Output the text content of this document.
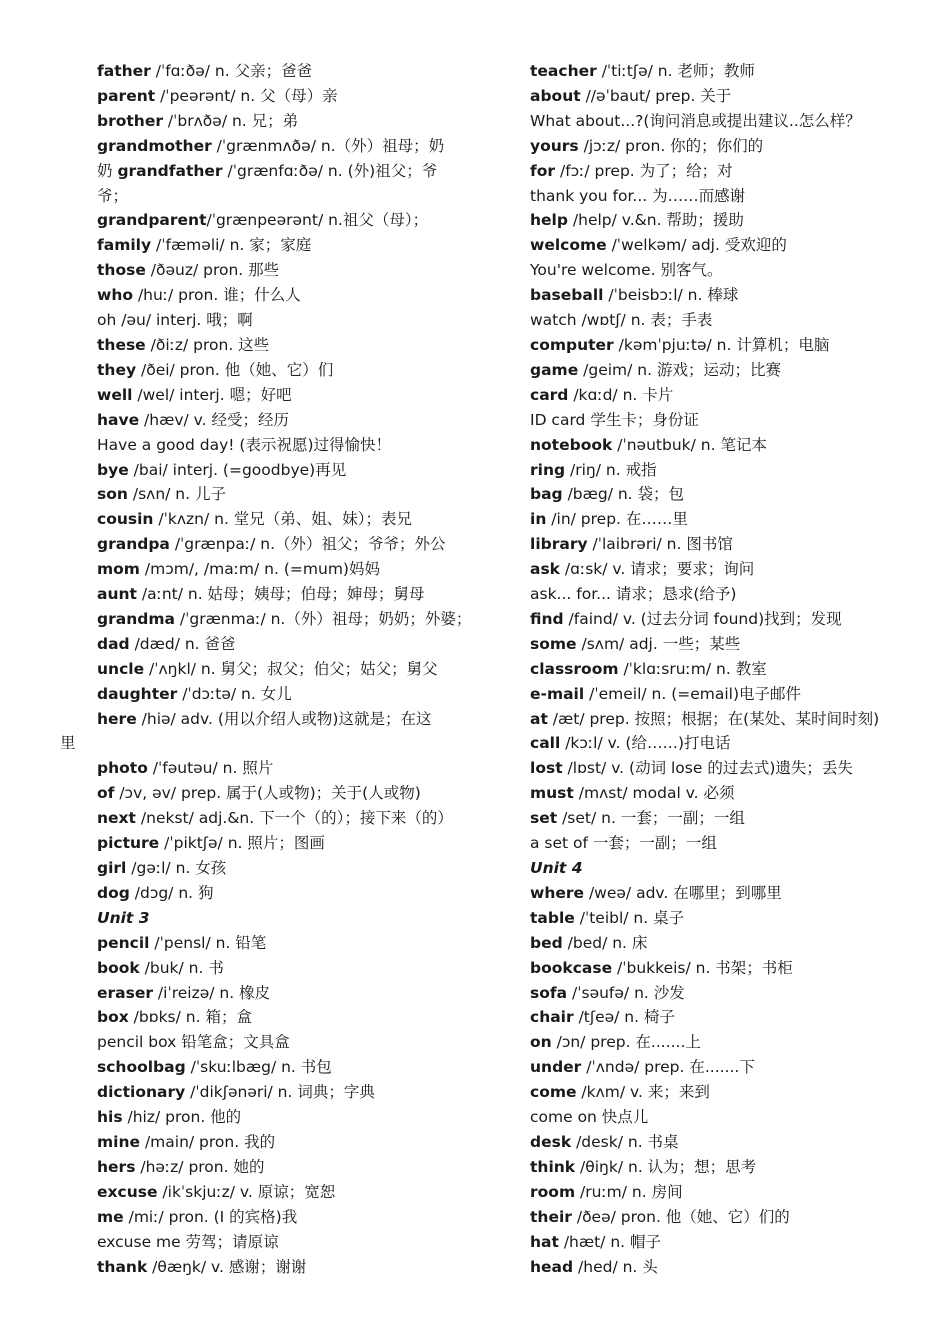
father /ˈfɑːðə/ n. 父亲；爸爸
parent /ˈpeərənt/ n. 父（母）亲
brother /ˈbrʌðə/ n. 兄；弟
grandmother /ˈgrænmʌðə/ n.（外）祖母；奶
奶 grandfather /ˈgrænfɑːðə/ n. (外)祖父；爷
爷；
grandparent/ˈgrænpeərənt/ n.祖父（母）；
family /ˈfæməli/ n. 家；家庭
those /ðəuz/ pron. 那些
who /huː/ pron. 谁；什么人
oh /əu/ interj. 哦；啊
these /ðiːz/ pron. 这些
they /ðei/ pron. 他（她、它）们
well /wel/ interj. 嗯；好吧
have /hæv/ v. 经受；经历
Have a good day! (表示祝愿)过得愉快！
bye /bai/ interj. (=goodbye)再见
son /sʌn/ n. 儿子
cousin /ˈkʌzn/ n. 堂兄（弟、姐、妹）；表兄
grandpa /ˈgrænpaː/ n.（外）祖父；爷爷；外公
mom /mɔm/, /maːm/ n. (=mum)妈妈
aunt /aːnt/ n. 姑母；姨母；伯母；婶母；舅母
grandma /ˈgrænmaː/ n.（外）祖母；奶奶；外婆；
dad /dæd/ n. 爸爸
uncle /ˈʌŋkl/ n. 舅父；叔父；伯父；姑父；舅父
daughter /ˈdɔːtə/ n. 女儿
here /hiə/ adv. (用以介绍人或物)这就是；在这
里
photo /ˈfəutəu/ n. 照片
of /ɔv, əv/ prep. 属于(人或物)；关于(人或物)
next /nekst/ adj.&n. 下一个（的）；接下来（的）
picture /ˈpiktʃə/ n. 照片；图画
girl /gəːl/ n. 女孩
dog /dɔg/ n. 狗
Unit 3
pencil /ˈpensl/ n. 铅笔
book /buk/ n. 书
eraser /iˈreizə/ n. 橡皮
box /bɒks/ n. 箱；盒
pencil box 铅笔盒；文具盒
schoolbag /ˈskuːlbæg/ n. 书包
dictionary /ˈdikʃənəri/ n. 词典；字典
his /hiz/ pron. 他的
mine /main/ pron. 我的
hers /həːz/ pron. 她的
excuse /ikˈskjuːz/ v. 原谅；宽恕
me /miː/ pron. (I 的宾格)我
excuse me 劳驾；请原谅
thank /θæŋk/ v. 感谢；谢谢
teacher /ˈtiːtʃə/ n. 老师；教师
about //əˈbaut/ prep. 关于
What about...?(询问消息或提出建议..怎么样？
yours /jɔːz/ pron. 你的；你们的
for /fɔː/ prep. 为了；给；对
thank you for... 为……而感谢
help /help/ v.&n. 帮助；援助
welcome /ˈwelkəm/ adj. 受欢迎的
You're welcome. 别客气。
baseball /ˈbeisbɔːl/ n. 棒球
watch /wɒtʃ/ n. 表；手表
computer /kəmˈpjuːtə/ n. 计算机；电脑
game /geim/ n. 游戏；运动；比赛
card /kɑːd/ n. 卡片
ID card 学生卡；身份证
notebook /ˈnəutbuk/ n. 笔记本
ring /riŋ/ n. 戒指
bag /bæg/ n. 袋；包
in /in/ prep. 在……里
library /ˈlaibrəri/ n. 图书馆
ask /ɑːsk/ v. 请求；要求；询问
ask... for... 请求；恳求(给予)
find /faind/ v. (过去分词 found)找到；发现
some /sʌm/ adj. 一些；某些
classroom /ˈklɑːsruːm/ n. 教室
e-mail /ˈemeil/ n. (=email)电子邮件
at /æt/ prep. 按照；根据；在(某处、某时间时刻)
call /kɔːl/ v. (给……)打电话
lost /lɒst/ v. (动词 lose 的过去式)遗失；丢失
must /mʌst/ modal v. 必须
set /set/ n. 一套；一副；一组
a set of 一套；一副；一组
Unit 4
where /weə/ adv. 在哪里；到哪里
table /ˈteibl/ n. 桌子
bed /bed/ n. 床
bookcase /ˈbukkeis/ n. 书架；书柜
sofa /ˈsəufə/ n. 沙发
chair /tʃeə/ n. 椅子
on /ɔn/ prep. 在.......上
under /ˈʌndə/ prep. 在.......下
come /kʌm/ v. 来；来到
come on 快点儿
desk /desk/ n. 书桌
think /θiŋk/ n. 认为；想；思考
room /ruːm/ n. 房间
their /ðeə/ pron. 他（她、它）们的
hat /hæt/ n. 帽子
head /hed/ n. 头
